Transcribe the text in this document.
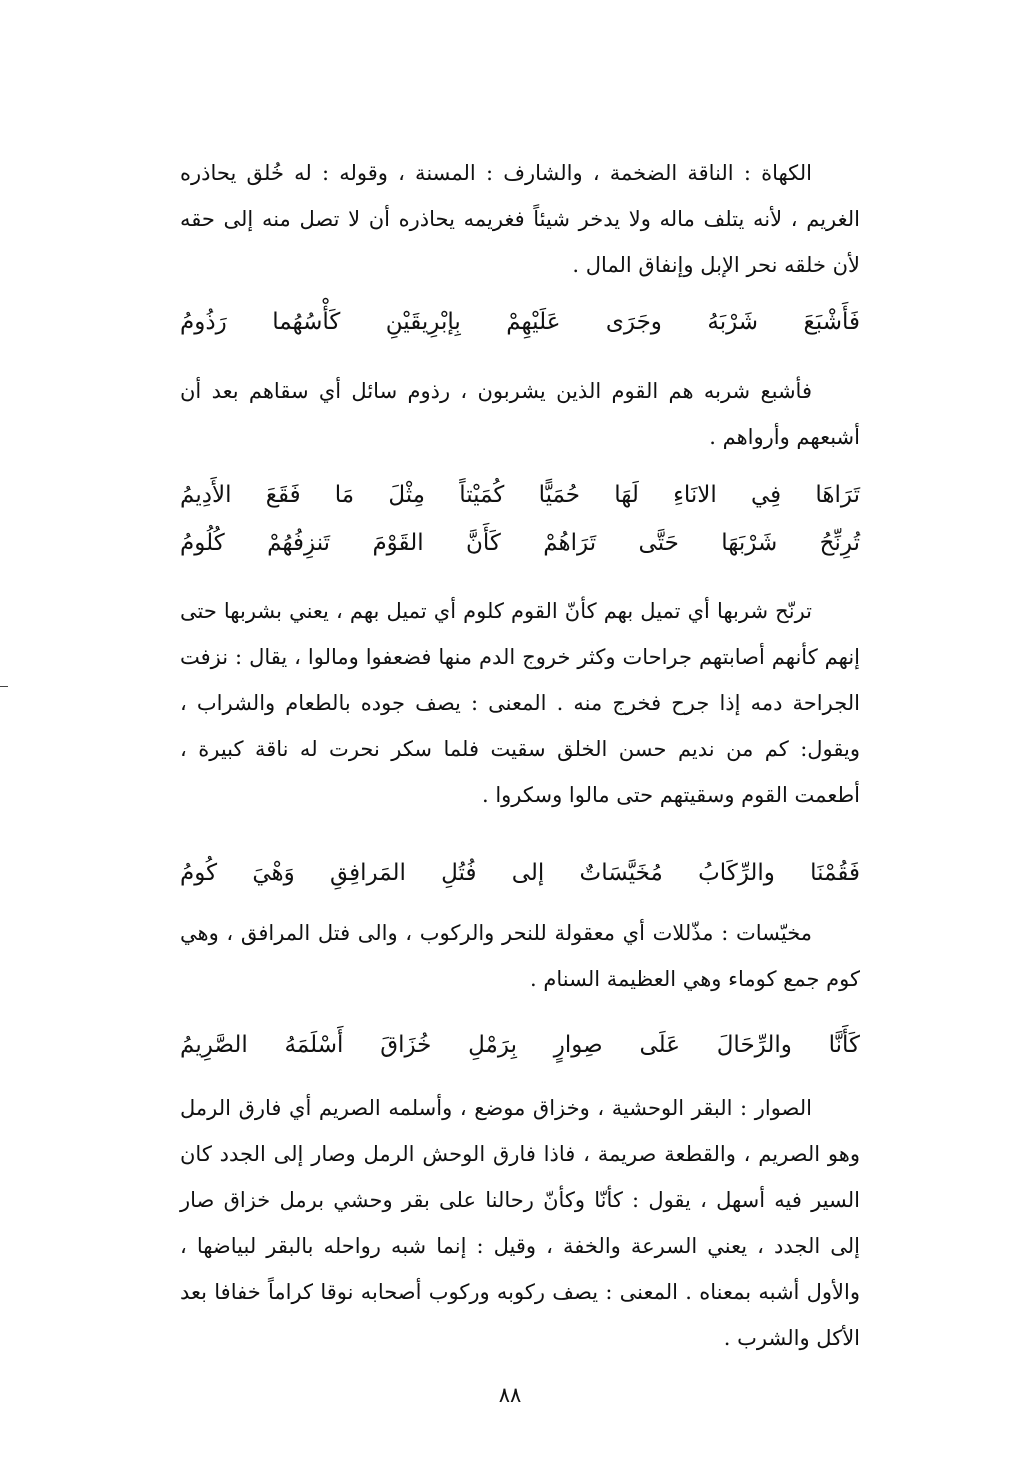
الكهاة : الناقة الضخمة ، والشارف : المسنة ، وقوله : له خُلق يحاذره الغريم ، لأنه يتلف ماله ولا يدخر شيئاً فغريمه يحاذره أن لا تصل منه إلى حقه لأن خلقه نحر الإبل وإنفاق المال .

فَأَشْبَعَ
شَرْبَهُ
وجَرَى
عَلَيْهِمْ
بِإبْرِيقَيْنِ
كَأْسُهُما
رَذُومُ

فأشبع شربه هم القوم الذين يشربون ، رذوم سائل أي سقاهم بعد أن أشبعهم وأرواهم .

تَرَاهَا
فِي
الانَاءِ
لَهَا
حُمَيًّا
كُمَيْتاً
مِثْلَ
مَا
فَقَعَ
الأَدِيمُ
تُرِنِّحُ
شَرْبَهَا
حَتَّى
تَرَاهُمْ
كَأَنَّ
القَوْمَ
تَنزِفُهُمْ
كُلُومُ

ترنّح شربها أي تميل بهم كأنّ القوم كلوم أي تميل بهم ، يعني بشربها حتى إنهم كأنهم أصابتهم جراحات وكثر خروج الدم منها فضعفوا ومالوا ، يقال : نزفت الجراحة دمه إذا جرح فخرج منه . المعنى : يصف جوده بالطعام والشراب ، ويقول: كم من نديم حسن الخلق سقيت فلما سكر نحرت له ناقة كبيرة ، أطعمت القوم وسقيتهم حتى مالوا وسكروا .

فَقُمْنَا
والرِّكَابُ
مُخَيَّسَاتٌ
إلى
فُتُلِ
المَرافِقِ
وَهْيَ
كُومُ

مخيّسات : مذّللات أي معقولة للنحر والركوب ، والى فتل المرافق ، وهي كوم جمع كوماء وهي العظيمة السنام .

كَأَنَّا
والرِّحَالَ
عَلَى
صِوارٍ
بِرَمْلِ
خُزَاقَ
أَسْلَمَهُ
الصَّرِيمُ

الصوار : البقر الوحشية ، وخزاق موضع ، وأسلمه الصريم أي فارق الرمل وهو الصريم ، والقطعة صريمة ، فاذا فارق الوحش الرمل وصار إلى الجدد كان السير فيه أسهل ، يقول : كأنّا وكأنّ رحالنا على بقر وحشي برمل خزاق صار إلى الجدد ، يعني السرعة والخفة ، وقيل : إنما شبه رواحله بالبقر لبياضها ، والأول أشبه بمعناه . المعنى : يصف ركوبه وركوب أصحابه نوقا كراماً خفافا بعد الأكل والشرب .

٨٨
